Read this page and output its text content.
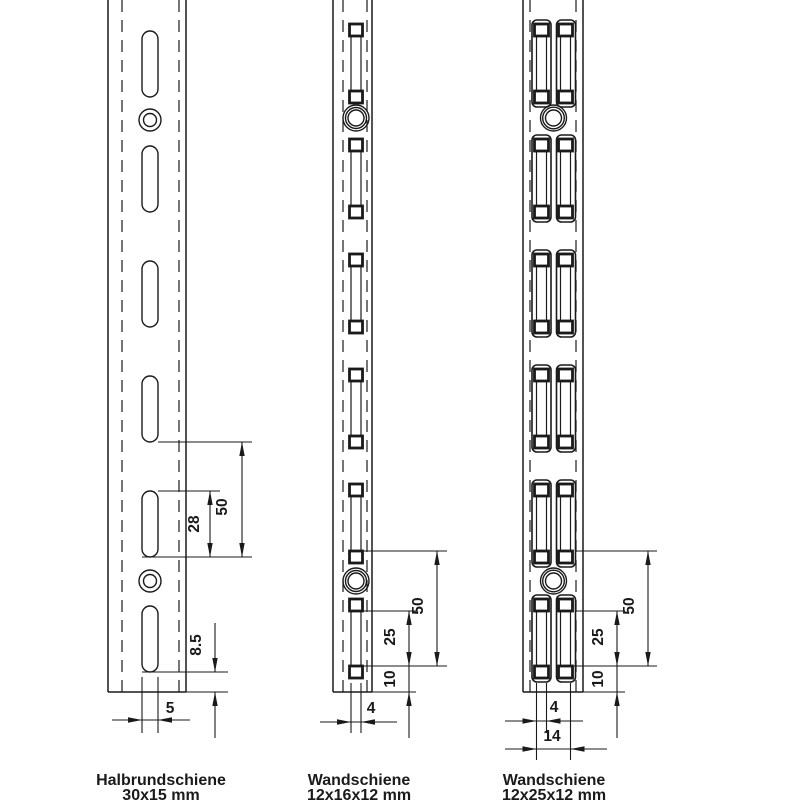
Halbrundschiene
30x15 mm
Wandschiene
12x16x12 mm
Wandschiene
12x25x12 mm
50
28
8.5
5
50
25
10
4
50
25
10
4
14
